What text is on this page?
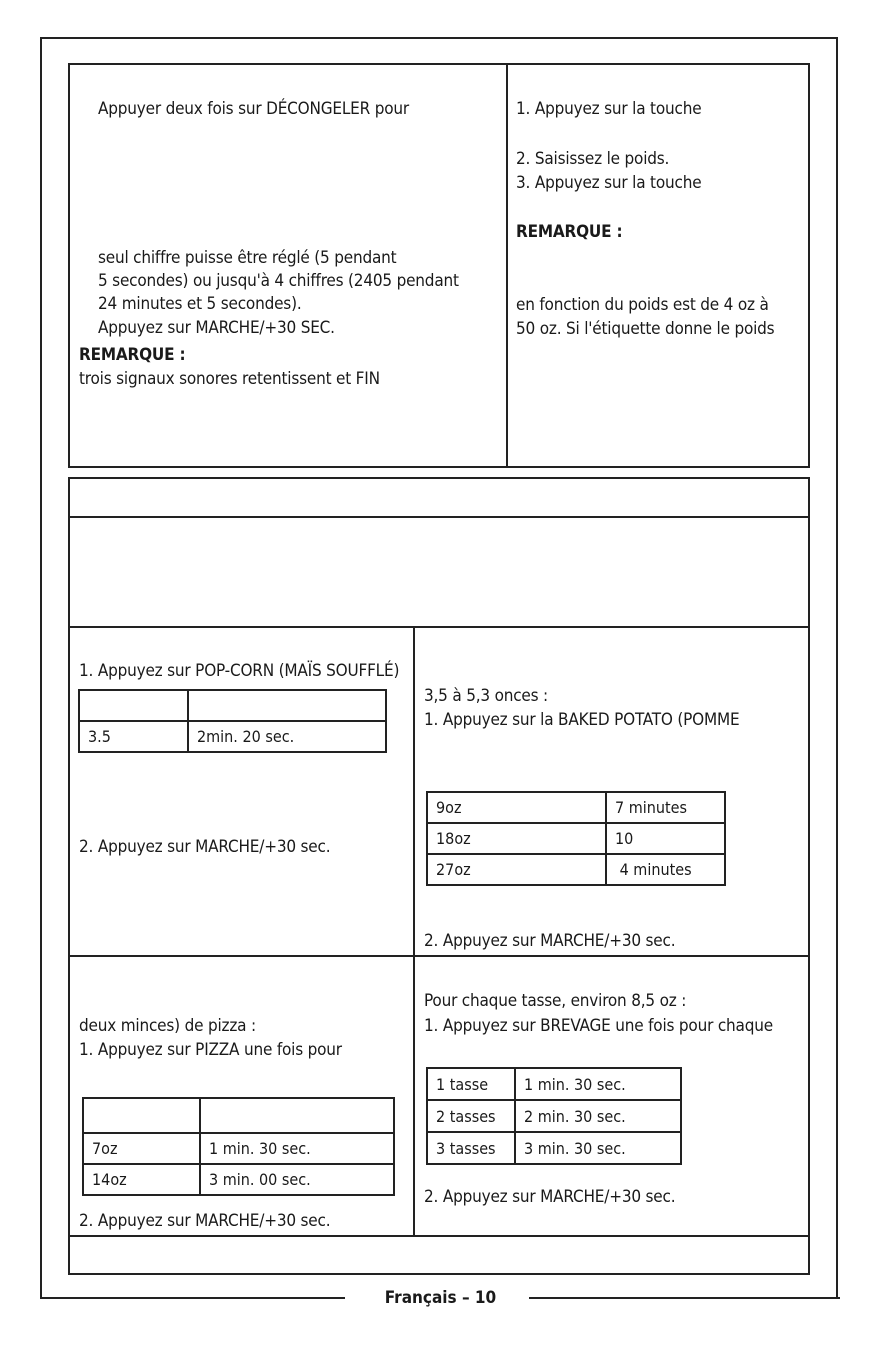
Appuyer deux fois sur DÉCONGELER pour
seul chiffre puisse être réglé (5 pendant
5 secondes) ou jusqu'à 4 chiffres (2405 pendant
24 minutes et 5 secondes).
Appuyez sur MARCHE/+30 SEC.
REMARQUE :
trois signaux sonores retentissent et FIN
1. Appuyez sur la touche
2. Saisissez le poids.
3. Appuyez sur la touche
REMARQUE :
en fonction du poids est de 4 oz à
50 oz. Si l'étiquette donne le poids
1. Appuyez sur POP-CORN (MAÏS SOUFFLÉ)

3.5	2min. 20 sec.
2. Appuyez sur MARCHE/+30 sec.
3,5 à 5,3 onces :
1. Appuyez sur la BAKED POTATO (POMME
9oz	7 minutes
18oz	10
27oz	4 minutes
2. Appuyez sur MARCHE/+30 sec.
deux minces) de pizza :
1. Appuyez sur PIZZA une fois pour

7oz	1 min. 30 sec.
14oz	3 min. 00 sec.
2. Appuyez sur MARCHE/+30 sec.
Pour chaque tasse, environ 8,5 oz :
1. Appuyez sur BREVAGE une fois pour chaque
1 tasse	1 min. 30 sec.
2 tasses	2 min. 30 sec.
3 tasses	3 min. 30 sec.
2. Appuyez sur MARCHE/+30 sec.
Français – 10
